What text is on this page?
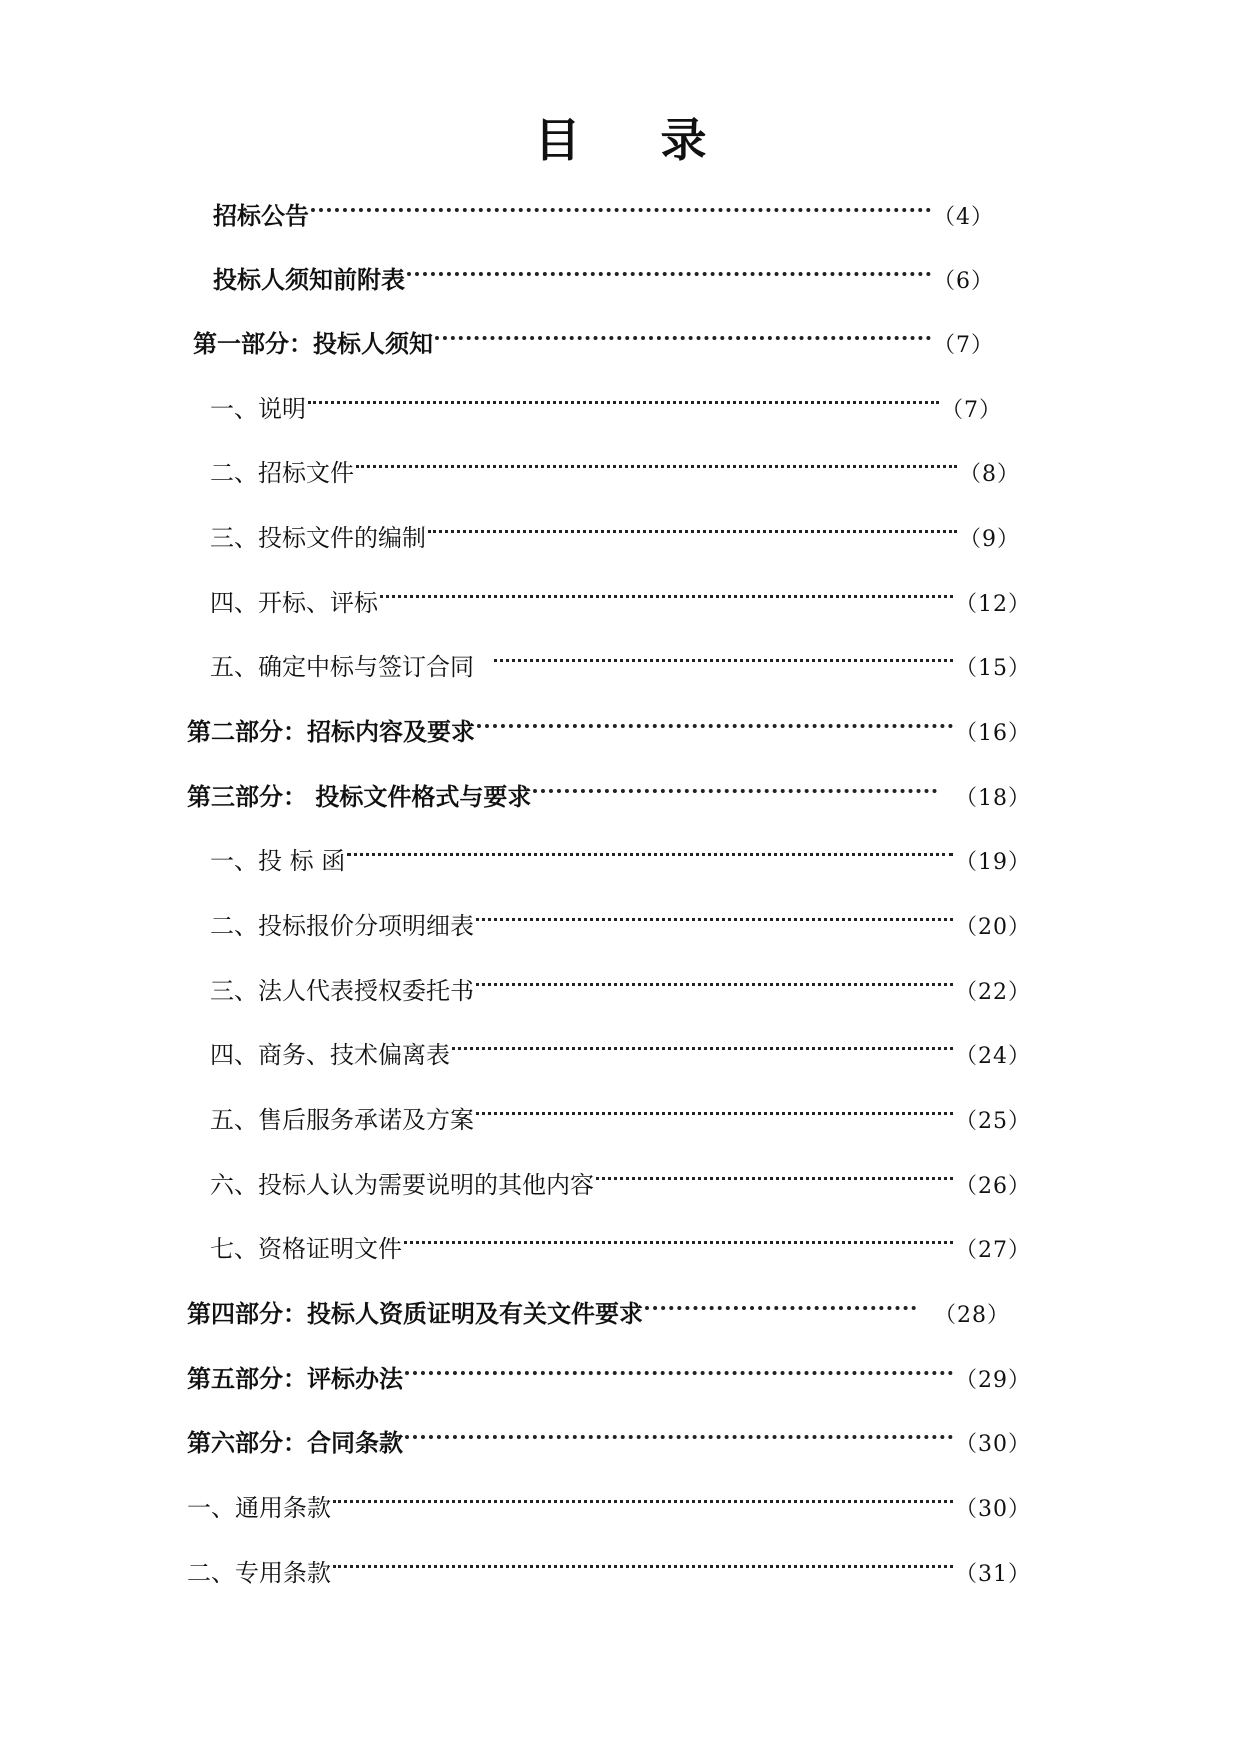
目 录
招标公告	（4）
投标人须知前附表	（6）
第一部分：投标人须知	（7）
一、说明	（7）
二、招标文件	（8）
三、投标文件的编制	（9）
四、开标、评标	（12）
五、确定中标与签订合同	（15）
第二部分：招标内容及要求	（16）
第三部分： 投标文件格式与要求	（18）
一、投 标 函	（19）
二、投标报价分项明细表	（20）
三、法人代表授权委托书	（22）
四、商务、技术偏离表	（24）
五、售后服务承诺及方案	（25）
六、投标人认为需要说明的其他内容	（26）
七、资格证明文件	（27）
第四部分：投标人资质证明及有关文件要求	（28）
第五部分：评标办法	（29）
第六部分：合同条款	（30）
一、通用条款	（30）
二、专用条款	（31）
